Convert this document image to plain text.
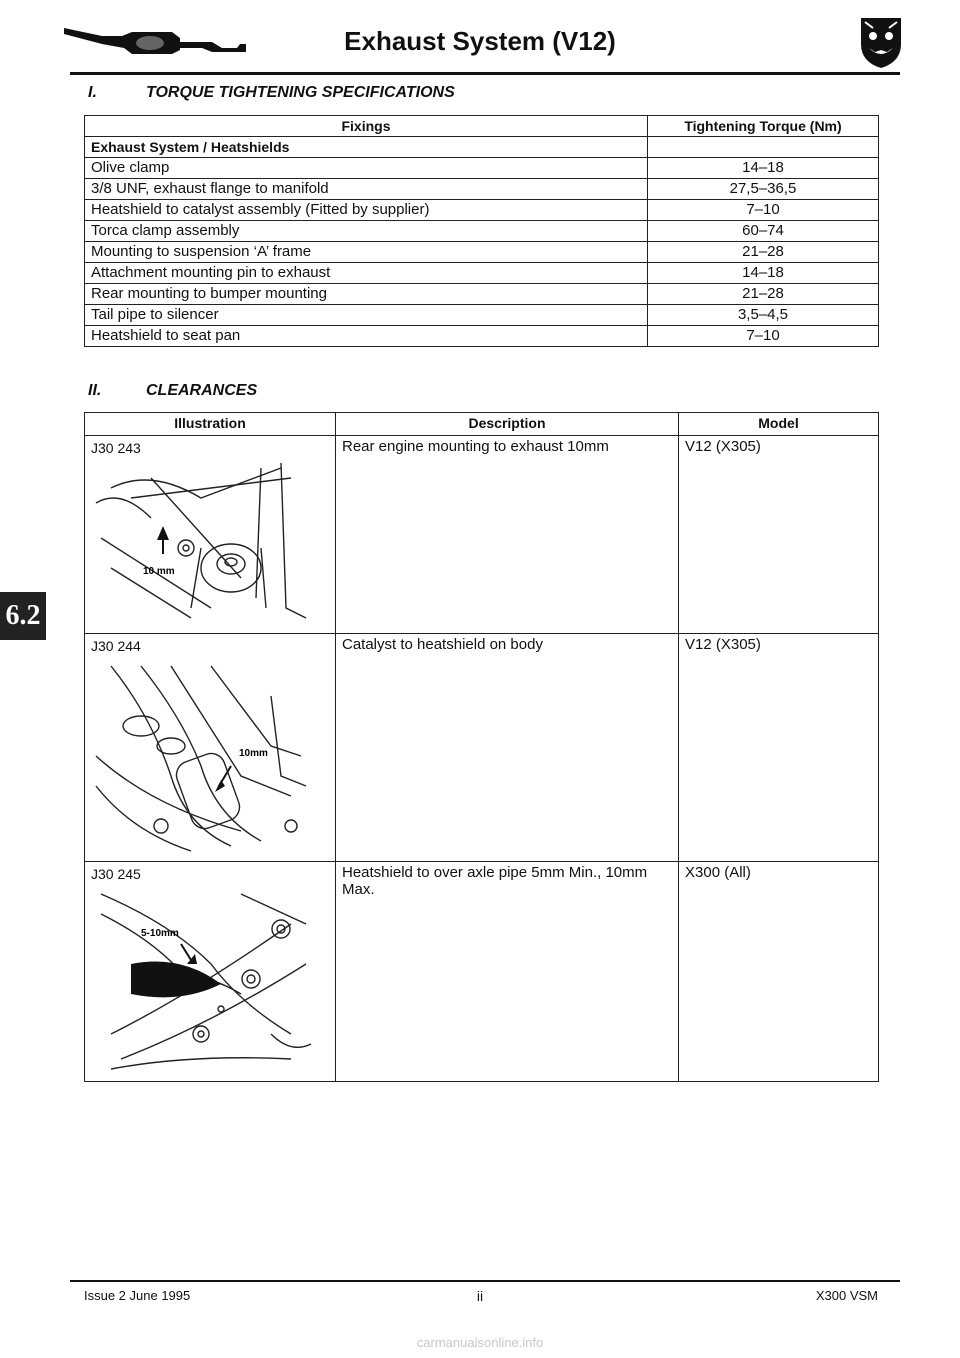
Exhaust System (V12)
6.2
I.	TORQUE TIGHTENING SPECIFICATIONS
Fixings	Tightening Torque (Nm)
Exhaust System / Heatshields	
Olive clamp	14–18
3/8 UNF, exhaust flange to manifold	27,5–36,5
Heatshield to catalyst assembly (Fitted by supplier)	7–10
Torca clamp assembly	60–74
Mounting to suspension ‘A’ frame	21–28
Attachment mounting pin to exhaust	14–18
Rear mounting to bumper mounting	21–28
Tail pipe to silencer	3,5–4,5
Heatshield to seat pan	7–10
II.	CLEARANCES
Illustration	Description	Model

J30 243
10 mm	Rear engine mounting to exhaust 10mm	V12 (X305)

J30 244
10mm	Catalyst to heatshield on body	V12 (X305)

J30 245
5-10mm	Heatshield to over axle pipe 5mm Min., 10mm Max.	X300 (All)
Issue 2 June 1995	ii	X300 VSM
carmanualsonline.info
